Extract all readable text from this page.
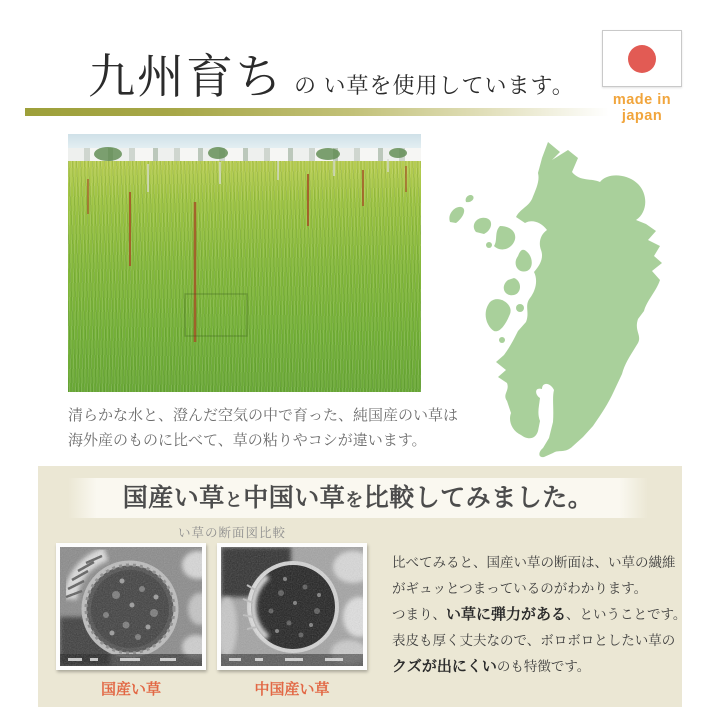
九州育ち の い草を使用しています。
made in japan
清らかな水と、澄んだ空気の中で育った、純国産のい草は
海外産のものに比べて、草の粘りやコシが違います。
国産い草 と 中国い草 を 比較してみました。
い草の断面図比較
国産い草	中国産い草
比べてみると、国産い草の断面は、い草の繊維
がギュッとつまっているのがわかります。
つまり、い草に弾力がある、ということです。
表皮も厚く丈夫なので、ボロボロとしたい草の
クズが出にくいのも特徴です。
